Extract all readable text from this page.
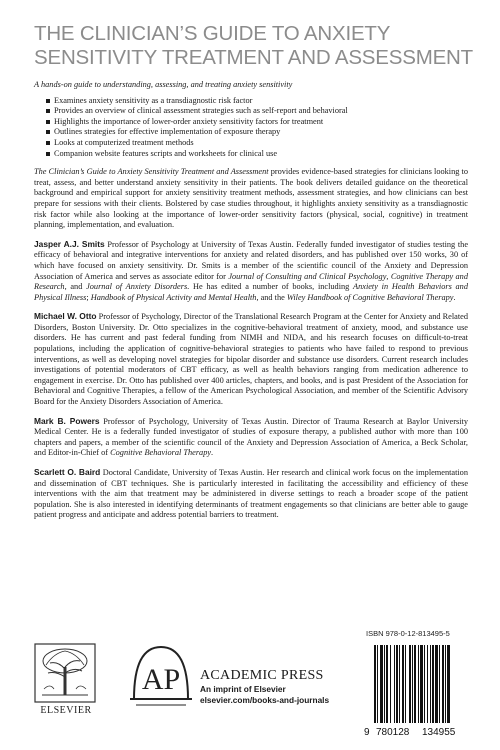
THE CLINICIAN’S GUIDE TO ANXIETY
SENSITIVITY TREATMENT AND ASSESSMENT
A hands-on guide to understanding, assessing, and treating anxiety sensitivity
Examines anxiety sensitivity as a transdiagnostic risk factor
Provides an overview of clinical assessment strategies such as self-report and behavioral
Highlights the importance of lower-order anxiety sensitivity factors for treatment
Outlines strategies for effective implementation of exposure therapy
Looks at computerized treatment methods
Companion website features scripts and worksheets for clinical use
The Clinician’s Guide to Anxiety Sensitivity Treatment and Assessment provides evidence-based strategies for clinicians looking to treat, assess, and better understand anxiety sensitivity in their patients. The book delivers detailed guidance on the theoretical background and empirical support for anxiety sensitivity treatment methods, assessment strategies, and how clinicians can best prepare for sessions with their clients. Bolstered by case studies throughout, it highlights anxiety sensitivity as a transdiagnostic risk factor while also looking at the importance of lower-order sensitivity factors (physical, social, cognitive) in treatment planning, implementation, and evaluation.
Jasper A.J. Smits Professor of Psychology at University of Texas Austin. Federally funded investigator of studies testing the efficacy of behavioral and integrative interventions for anxiety and related disorders, and has published over 150 works, 30 of which have focused on anxiety sensitivity. Dr. Smits is a member of the scientific council of the Anxiety and Depression Association of America and serves as associate editor for Journal of Consulting and Clinical Psychology, Cognitive Therapy and Research, and Journal of Anxiety Disorders. He has edited a number of books, including Anxiety in Health Behaviors and Physical Illness; Handbook of Physical Activity and Mental Health, and the Wiley Handbook of Cognitive Behavioral Therapy.
Michael W. Otto Professor of Psychology, Director of the Translational Research Program at the Center for Anxiety and Related Disorders, Boston University. Dr. Otto specializes in the cognitive-behavioral treatment of anxiety, mood, and substance use disorders. He has current and past federal funding from NIMH and NIDA, and his research focuses on difficult-to-treat populations, including the application of cognitive-behavioral strategies to patients who have failed to respond to previous interventions, as well as developing novel strategies for bipolar disorder and substance use disorders. Current research includes investigations of potential moderators of CBT efficacy, as well as health behaviors ranging from medication adherence to engagement in exercise. Dr. Otto has published over 400 articles, chapters, and books, and is past President of the Association for Behavioral and Cognitive Therapies, a fellow of the American Psychological Association, and member of the Scientific Advisory Board for the Anxiety Disorders Association of America.
Mark B. Powers Professor of Psychology, University of Texas Austin. Director of Trauma Research at Baylor University Medical Center. He is a federally funded investigator of studies of exposure therapy, a published author with more than 100 chapters and papers, a member of the scientific council of the Anxiety and Depression Association of America, a Beck Scholar, and Editor-in-Chief of Cognitive Behavioral Therapy.
Scarlett O. Baird Doctoral Candidate, University of Texas Austin. Her research and clinical work focus on the implementation and dissemination of CBT techniques. She is particularly interested in facilitating the accessibility and efficiency of these interventions with the aim that treatment may be administered in diverse settings to reach a broader scope of the patient population. She is also interested in identifying determinants of treatment engagements so that clinicians are better able to gauge patient progress and anticipate and address potential barriers to treatment.
ELSEVIER
AP ACADEMIC PRESS
An imprint of Elsevier
elsevier.com/books-and-journals
ISBN 978-0-12-813495-5
9 780128 134955
